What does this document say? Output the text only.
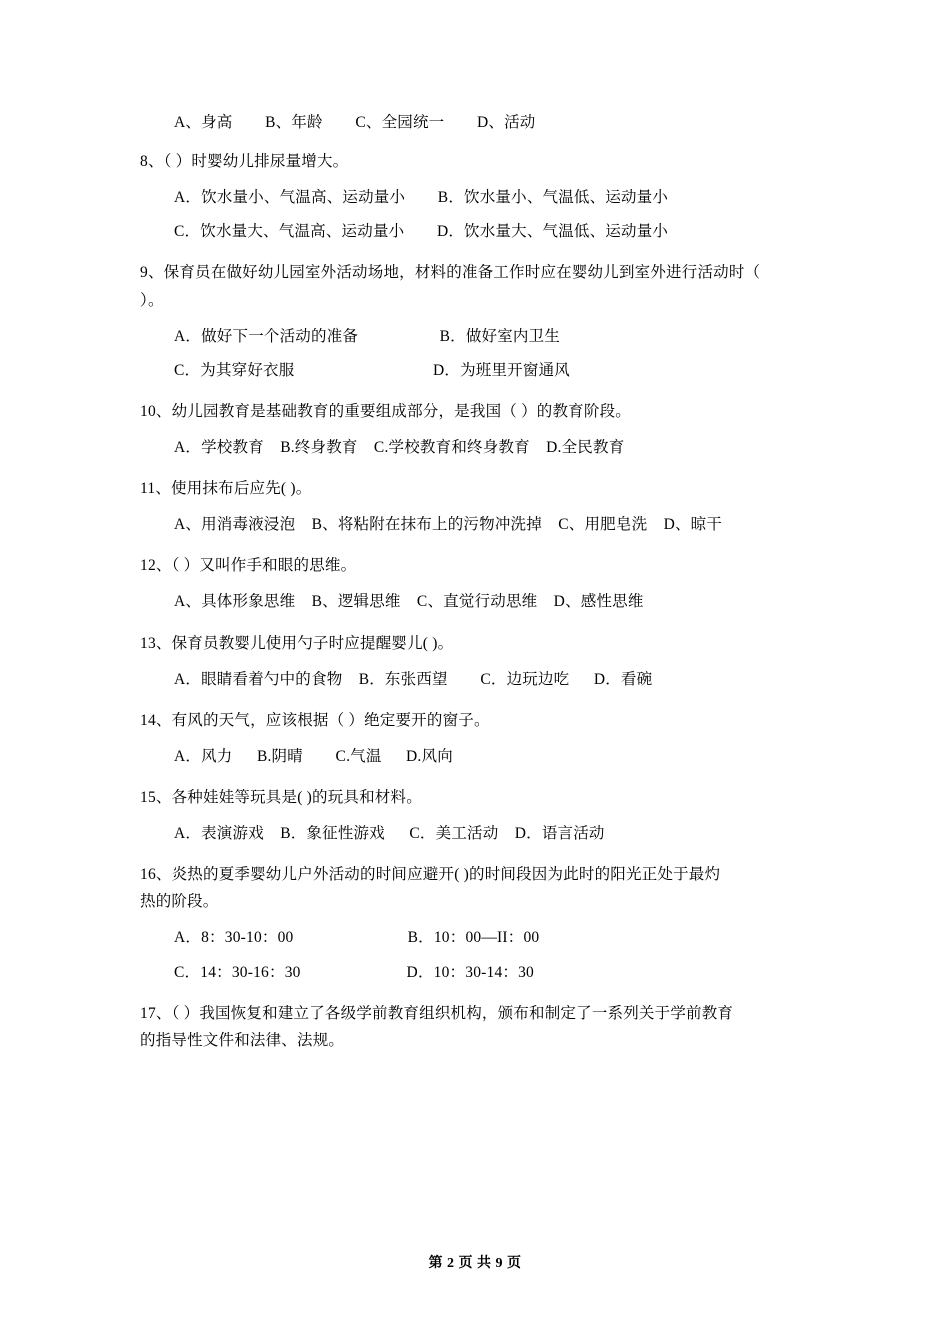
A、身高        B、年龄        C、全园统一        D、活动

8、（ ）时婴幼儿排尿量增大。

A．饮水量小、气温高、运动量小        B．饮水量小、气温低、运动量小

C．饮水量大、气温高、运动量小        D．饮水量大、气温低、运动量小

9、保育员在做好幼儿园室外活动场地，材料的准备工作时应在婴幼儿到室外进行活动时（

）。

A．做好下一个活动的准备                    B．做好室内卫生

C．为其穿好衣服                                  D．为班里开窗通风

10、幼儿园教育是基础教育的重要组成部分，是我国（ ）的教育阶段。

A．学校教育    B.终身教育    C.学校教育和终身教育    D.全民教育

11、使用抹布后应先( )。

A、用消毒液浸泡    B、将粘附在抹布上的污物冲洗掉    C、用肥皂洗    D、晾干

12、（ ）又叫作手和眼的思维。

A、具体形象思维    B、逻辑思维    C、直觉行动思维    D、感性思维

13、保育员教婴儿使用勺子时应提醒婴儿( )。

A．眼睛看着勺中的食物    B．东张西望        C．边玩边吃      D．看碗

14、有风的天气，应该根据（ ）绝定要开的窗子。

A．风力      B.阴晴        C.气温      D.风向

15、各种娃娃等玩具是( )的玩具和材料。

A．表演游戏    B．象征性游戏      C．美工活动    D．语言活动

16、炎热的夏季婴幼儿户外活动的时间应避开( )的时间段因为此时的阳光正处于最灼

热的阶段。

A．8：30-10：00                            B．10：00—II：00

C．14：30-16：30                          D．10：30-14：30

17、（ ）我国恢复和建立了各级学前教育组织机构，颁布和制定了一系列关于学前教育

的指导性文件和法律、法规。

第 2 页 共 9 页
